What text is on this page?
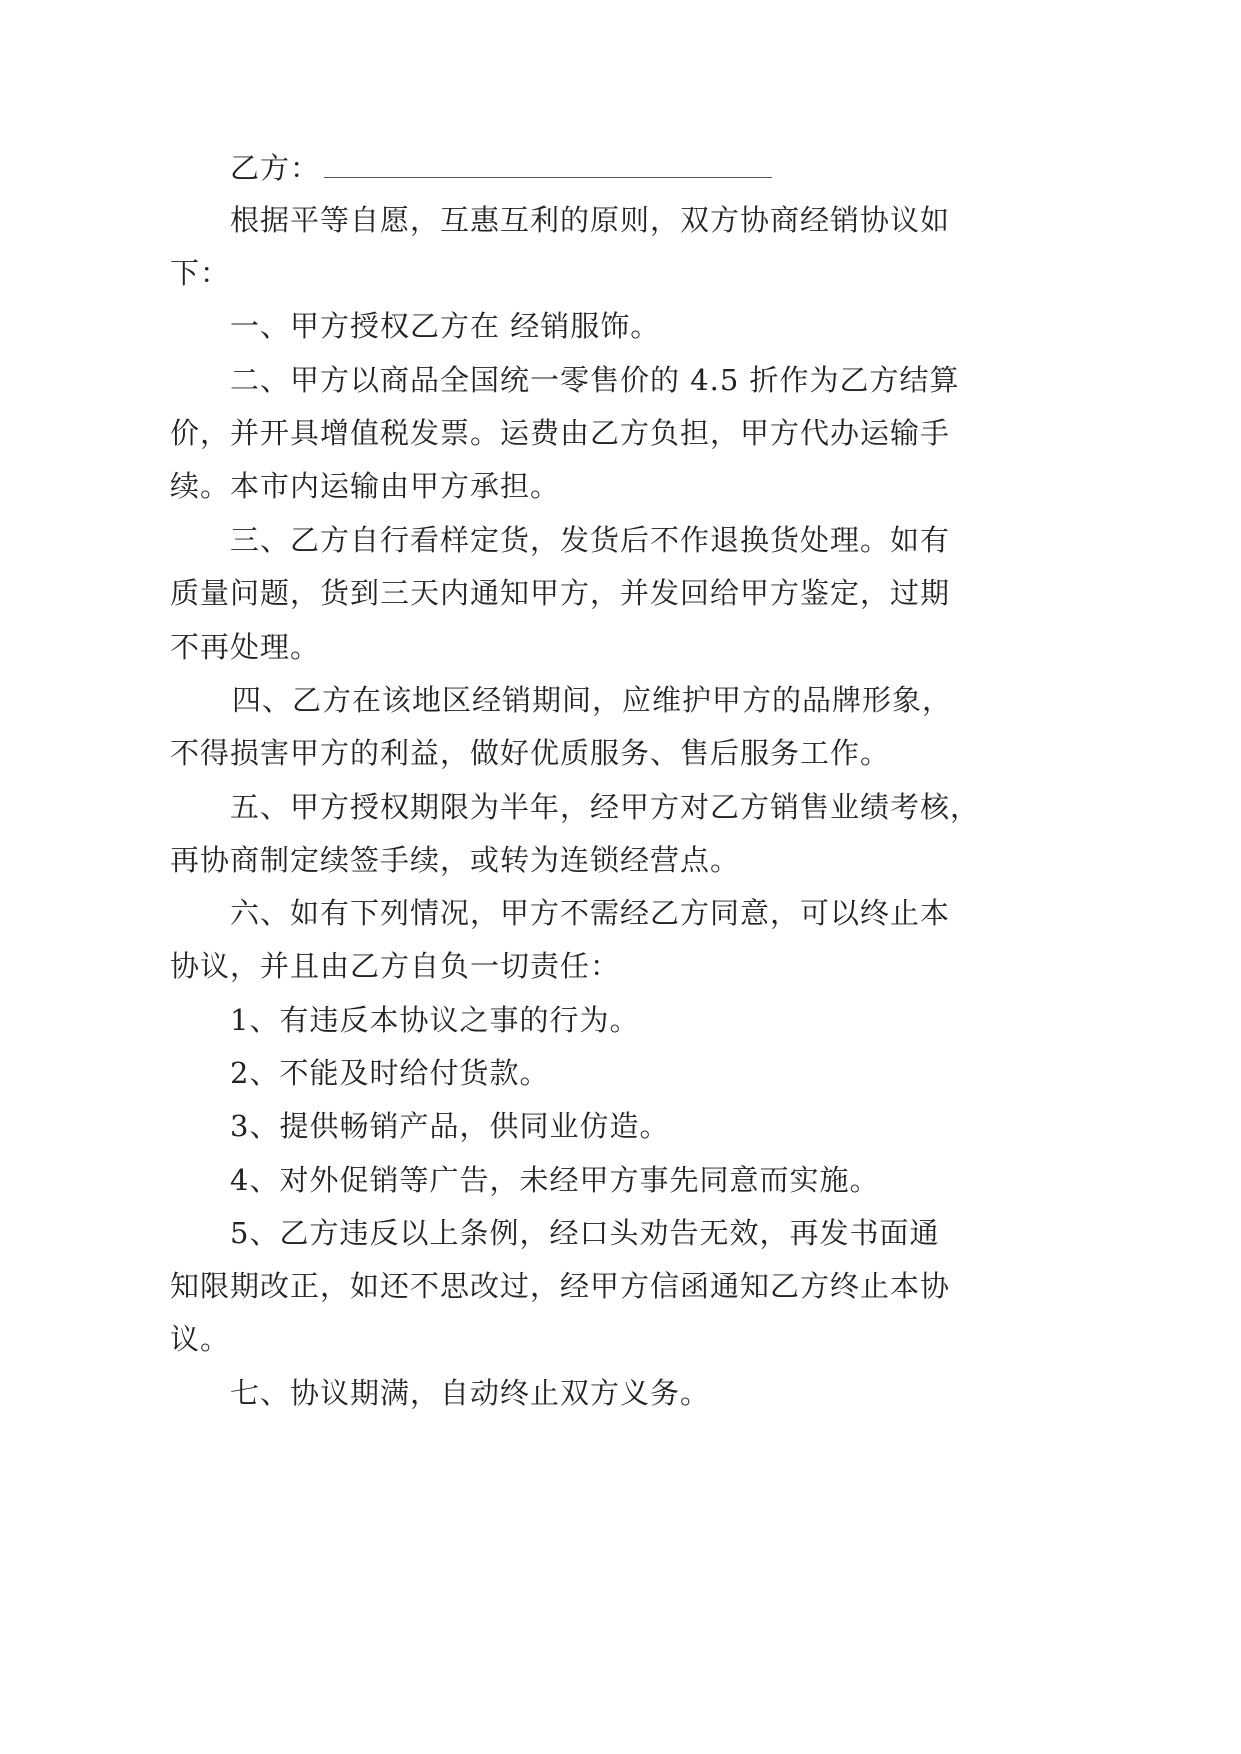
乙方：
根据平等自愿，互惠互利的原则，双方协商经销协议如
下：
一、甲方授权乙方在 经销服饰。
二、甲方以商品全国统一零售价的 4.5 折作为乙方结算
价，并开具增值税发票。运费由乙方负担，甲方代办运输手
续。本市内运输由甲方承担。
三、乙方自行看样定货，发货后不作退换货处理。如有
质量问题，货到三天内通知甲方，并发回给甲方鉴定，过期
不再处理。
四、乙方在该地区经销期间，应维护甲方的品牌形象，
不得损害甲方的利益，做好优质服务、售后服务工作。
五、甲方授权期限为半年，经甲方对乙方销售业绩考核，
再协商制定续签手续，或转为连锁经营点。
六、如有下列情况，甲方不需经乙方同意，可以终止本
协议，并且由乙方自负一切责任：
1、有违反本协议之事的行为。
2、不能及时给付货款。
3、提供畅销产品，供同业仿造。
4、对外促销等广告，未经甲方事先同意而实施。
5、乙方违反以上条例，经口头劝告无效，再发书面通
知限期改正，如还不思改过，经甲方信函通知乙方终止本协
议。
七、协议期满，自动终止双方义务。
